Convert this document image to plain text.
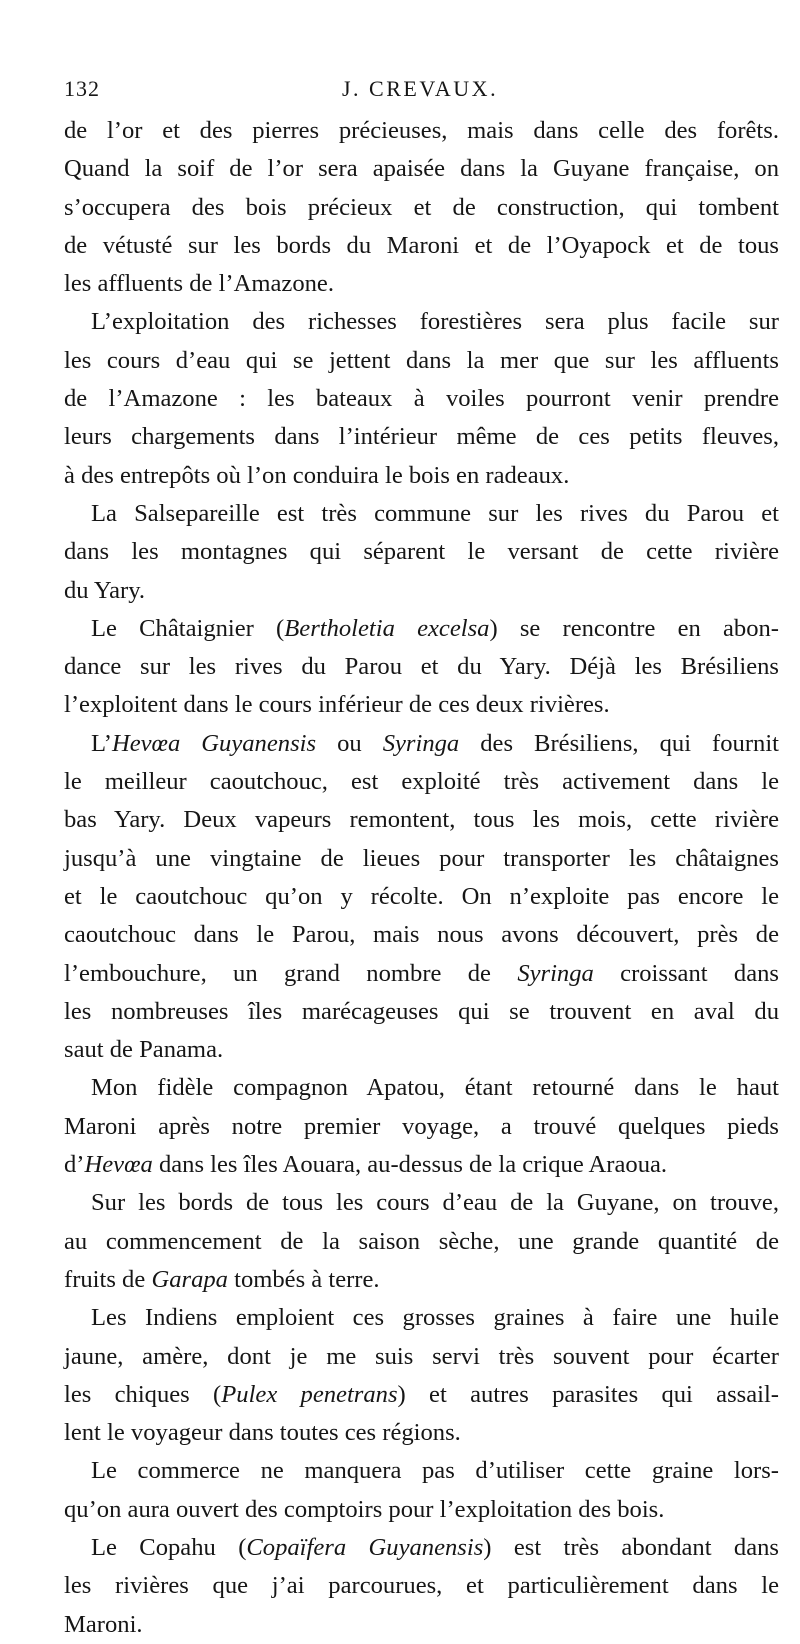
132	J. CREVAUX.
de l’or et des pierres précieuses, mais dans celle des forêts.
Quand la soif de l’or sera apaisée dans la Guyane française, on
s’occupera des bois précieux et de construction, qui tombent
de vétusté sur les bords du Maroni et de l’Oyapock et de tous
les affluents de l’Amazone.
L’exploitation des richesses forestières sera plus facile sur
les cours d’eau qui se jettent dans la mer que sur les affluents
de l’Amazone : les bateaux à voiles pourront venir prendre
leurs chargements dans l’intérieur même de ces petits fleuves,
à des entrepôts où l’on conduira le bois en radeaux.
La Salsepareille est très commune sur les rives du Parou et
dans les montagnes qui séparent le versant de cette rivière
du Yary.
Le Châtaignier (Bertholetia excelsa) se rencontre en abon-
dance sur les rives du Parou et du Yary. Déjà les Brésiliens
l’exploitent dans le cours inférieur de ces deux rivières.
L’Hevœa Guyanensis ou Syringa des Brésiliens, qui fournit
le meilleur caoutchouc, est exploité très activement dans le
bas Yary. Deux vapeurs remontent, tous les mois, cette rivière
jusqu’à une vingtaine de lieues pour transporter les châtaignes
et le caoutchouc qu’on y récolte. On n’exploite pas encore le
caoutchouc dans le Parou, mais nous avons découvert, près de
l’embouchure, un grand nombre de Syringa croissant dans
les nombreuses îles marécageuses qui se trouvent en aval du
saut de Panama.
Mon fidèle compagnon Apatou, étant retourné dans le haut
Maroni après notre premier voyage, a trouvé quelques pieds
d’Hevœa dans les îles Aouara, au-dessus de la crique Araoua.
Sur les bords de tous les cours d’eau de la Guyane, on trouve,
au commencement de la saison sèche, une grande quantité de
fruits de Garapa tombés à terre.
Les Indiens emploient ces grosses graines à faire une huile
jaune, amère, dont je me suis servi très souvent pour écarter
les chiques (Pulex penetrans) et autres parasites qui assail-
lent le voyageur dans toutes ces régions.
Le commerce ne manquera pas d’utiliser cette graine lors-
qu’on aura ouvert des comptoirs pour l’exploitation des bois.
Le Copahu (Copaïfera Guyanensis) est très abondant dans
les rivières que j’ai parcourues, et particulièrement dans le
Maroni.
